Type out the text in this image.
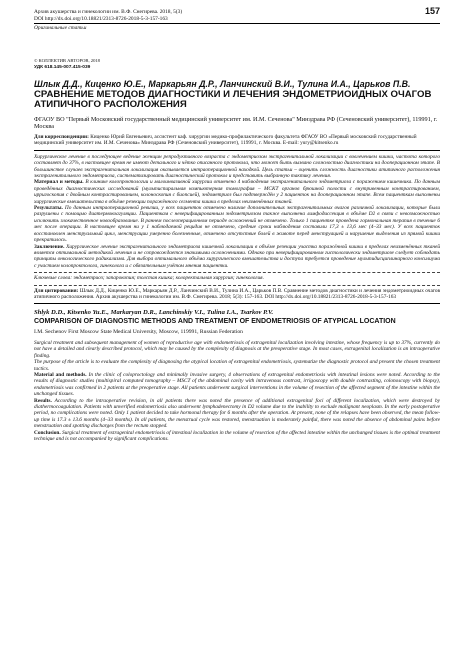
Архив акушерства и гинекологии им. В.Ф. Снегирева. 2018, 5(3)
DOI http://dx.doi.org/10.18821/2313-8726-2018-5-3-157-163
157
Оригинальные статьи
© КОЛЛЕКТИВ АВТОРОВ, 2018
УДК 618.145-007.415-039
Шлык Д.Д., Киценко Ю.Е., Маркарьян Д.Р., Ланчинский В.И., Тулина И.А., Царьков П.В.
СРАВНЕНИЕ МЕТОДОВ ДИАГНОСТИКИ И ЛЕЧЕНИЯ ЭНДОМЕТРИОИДНЫХ ОЧАГОВ АТИПИЧНОГО РАСПОЛОЖЕНИЯ
ФГАОУ ВО "Первый Московский государственный медицинский университет им. И.М. Сеченова" Минздрава РФ (Сеченовский университет), 119991, г. Москва
Для корреспонденции: Киценко Юрий Евгеньевич, ассистент каф. хирургии медико-профилактического факультета ФГАОУ ВО «Первый московский государственный медицинский университет им. И.М. Сеченова» Минздрава РФ (Сеченовский университет), 119991, г. Москва. E-mail: yury@kitsenko.ru

Хирургическое лечение в последующее ведение женщин репродуктивного возраста с эндометриозом экстрагенитальной локализации с вовлечением кишки, частота которого составляет до 37%, в настоящее время не имеют детального и чётко описанного протокола, что может быть вызвано сложностью диагностики на дооперационном этапе. В большинстве случаев экстрагенитальная локализация оказывается интраоперационной находкой. Цель статьи – оценить сложность диагностики атипичного расположения экстрагенитального эндометриоза, систематизировать диагностический протокол и представить выбранную тактику лечения.

Материал и методы. В клинике колопроктологии и малоинвазивной хирургии отмечено 4 наблюдения экстрагенитального эндометриоза с поражением кишечника. По данным проведённых диагностических исследований (мультиспиральная компьютерная томография – МСКТ органов брюшной полости с внутривенным контрастированием, ирригоскопия с двойным контрастированием, колоноскопия с биопсией), эндометриоз был подтверждён у 2 пациенток на дооперационном этапе. Всем пациенткам выполнены хирургические вмешательства в объёме резекции поражённого сегмента кишки в пределах неизменённых тканей.

Результаты. По данным интраоперационной ревизии, у всех пациенток отмечено наличие дополнительных экстрагенитальных очагов различной локализации, которые были разрушены с помощью диатермокоагуляции. Пациенткам с неверифицированным эндометриозом также выполнена лимфодиссекция в объёме D2 в связи с невозможностью исключить злокачественное новообразование. В раннем послеоперационном периоде осложнений не отмечено. Только 1 пациентке проведена гормональная терапия в течение 6 мес после операции. В настоящее время ни у 1 наблюдаемой рецидив не отмечено, средние сроки наблюдения составили 17,3 ± 13,6 мес (4–33 мес). У всех пациенток восстановлен менструальный цикл, менструации умеренно болезненные, отмечено отсутствие болей в животе перед менструацией и нарушение выделения из прямой кишки прекратилось.

Заключение. Хирургическое лечение экстрагенитального эндометриоза кишечной локализации в объёме резекции участка поражённой кишки в пределах неизменённых тканей является оптимальной методикой лечения и не сопровождается значимыми осложнениями. Однако при неверифицированном гистологически эндометриозе следует соблюдать принципы онкологического радикализма. Для выбора оптимального объёма хирургического вмешательства и доступа требуется проведение мультидисциплинарного консилиума с участием колопроктолога, гинеколога и с обязательным учётом мнения пациентки.

Ключевые слова: эндометриоз; запарокопия; толстая кишка; колоректальная хирургия; гинекология.

Для цитирования: Шлык Д.Д., Киценко Ю.Е., Маркарьян Д.Р., Ланчинский В.И., Тулина И.А., Царьков П.В. Сравнение методов диагностики и лечения эндометриоидных очагов атипичного расположения. Архив акушерства и гинекологии им. В.Ф. Снегирева. 2018; 5(3): 157-163. DOI http://dx.doi.org/10.18821/2313-8726-2018-5-3-157-163

Shlyk D.D., Kitsenko Yu.E., Markaryan D.R., Lanchinskiy V.I., Tulina I.A., Tsarkov P.V.
COMPARISON OF DIAGNOSTIC METHODS AND TREATMENT OF ENDOMETRIOSIS OF ATYPICAL LOCATION
I.M. Sechenov First Moscow State Medical University, Moscow, 119991, Russian Federation

Surgical treatment and subsequent management of women of reproductive age with endometriosis of extragenital localization involving intestine, whose frequency is up to 37%, currently do not have a detailed and clearly described protocol, which may be caused by the complexity of diagnosis at the preoperative stage. In most cases, extragenital localization is an intraoperative finding.

The purpose of the article is to evaluate the complexity of diagnosing the atypical location of extragenital endometriosis, systematize the diagnostic protocol and present the chosen treatment tactics.

Material and methods. In the clinic of coloproctology and minimally invasive surgery, 4 observations of extragenital endometriosis with intestinal lesions were noted. According to the results of diagnostic studies (multispiral computed tomography – MSCT of the abdominal cavity with intravenous contrast, irrigoscopy with double contrasting, colonoscopy with biopsy), endometriosis was confirmed in 2 patients at the preoperative stage. All patients underwent surgical interventions in the volume of resection of the affected segment of the intestine within the unchanged tissues.

Results. According to the intraoperative revision, in all patients there was noted the presence of additional extragenital foci of different localization, which were destroyed by diathermocoagulation. Patients with unverified endometriosis also underwent lymphadenectomy in D2 volume due to the inability to exclude malignant neoplasm. In the early postoperative period, no complications were noted. Only 1 patient decided to take hormonal therapy for 6 months after the operation. At present, none of the relapses have been observed, the mean follow-up time is 17.3 ± 13.6 months (4–33 months). In all patients, the menstrual cycle was restored, menstruation is moderately painful, there was noted the absence of abdominal pains before menstruation and spotting discharges from the rectum stopped.

Conclusion. Surgical treatment of extragenital endometriosis of intestinal localization in the volume of resection of the affected intestine within the unchanged tissues is the optimal treatment technique and is not accompanied by significant complications.
